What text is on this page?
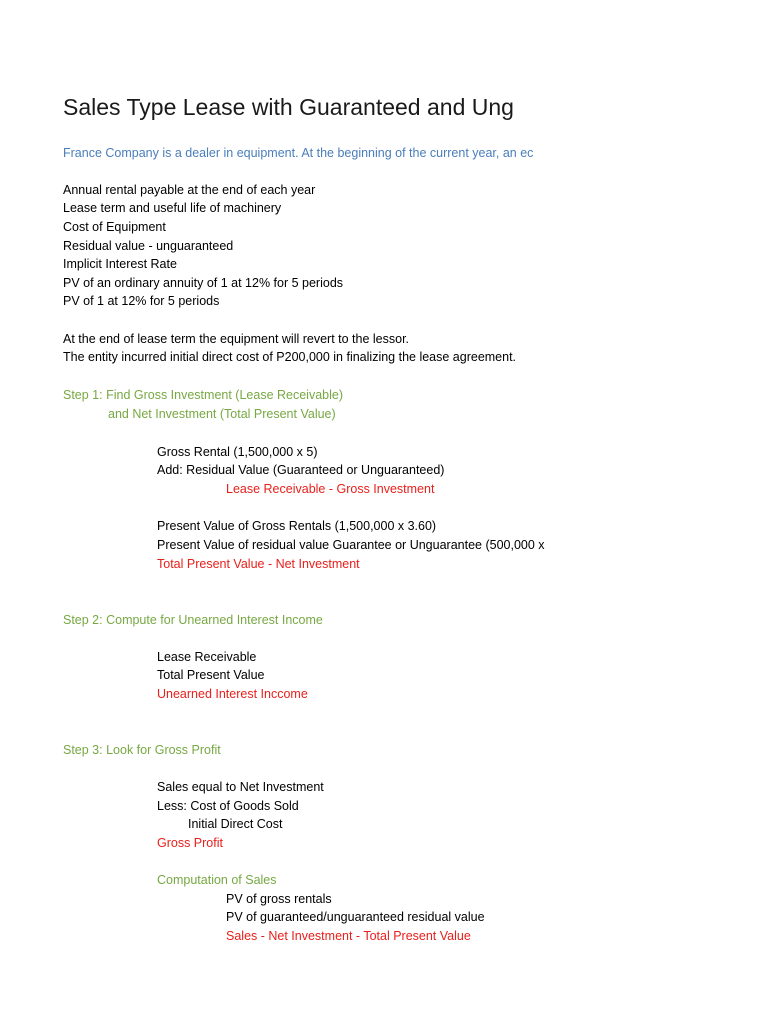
Sales Type Lease with Guaranteed and Ung
France Company is a dealer in equipment. At the beginning of the current year, an ec
Annual rental payable at the end of each year
Lease term and useful life of machinery
Cost of Equipment
Residual value - unguaranteed
Implicit Interest Rate
PV of an ordinary annuity of 1 at 12% for 5 periods
PV of 1 at 12% for 5 periods
At the end of lease term the equipment will revert to the lessor.
The entity incurred initial direct cost of P200,000 in finalizing the lease agreement.
Step 1: Find Gross Investment (Lease Receivable)
and Net Investment (Total Present Value)
Gross Rental (1,500,000 x 5)
Add: Residual Value (Guaranteed or Unguaranteed)
Lease Receivable - Gross Investment
Present Value of Gross Rentals (1,500,000 x 3.60)
Present Value of residual value Guarantee or Unguarantee (500,000 x
Total Present Value - Net Investment
Step 2: Compute for Unearned Interest Income
Lease Receivable
Total Present Value
Unearned Interest Inccome
Step 3: Look for Gross Profit
Sales equal to Net Investment
Less: Cost of Goods Sold
Initial Direct Cost
Gross Profit
Computation of Sales
PV of gross rentals
PV of guaranteed/unguaranteed residual value
Sales - Net Investment - Total Present Value
